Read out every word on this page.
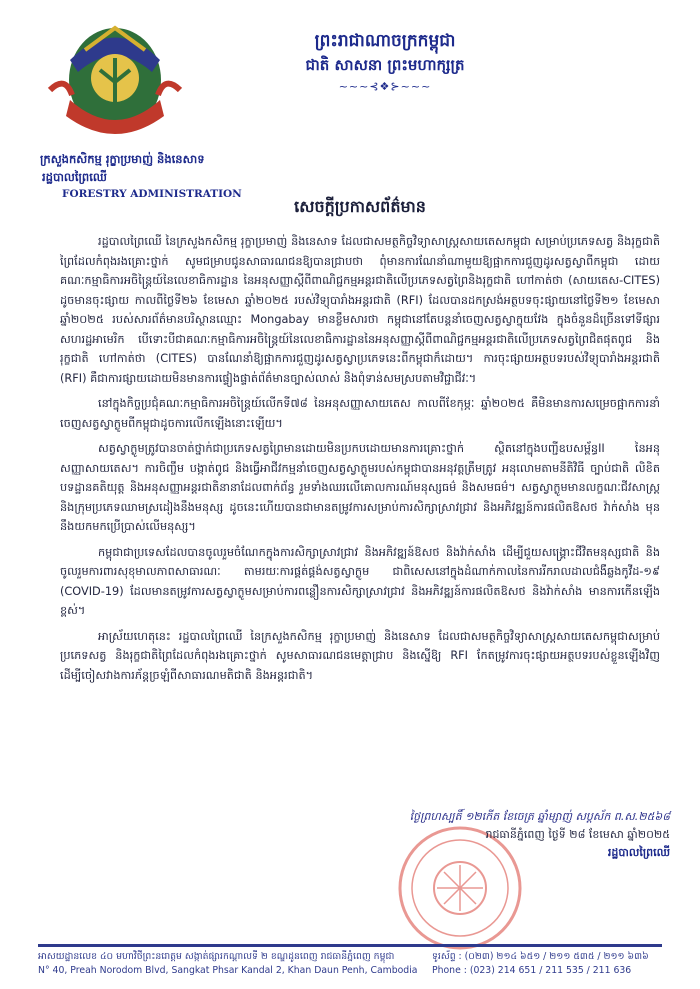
ព្រះរាជាណាចក្រកម្ពុជា
ជាតិ សាសនា ព្រះមហាក្សត្រ
~~~⊰❖⊱~~~
ក្រសួងកសិកម្ម រុក្ខាប្រមាញ់ និងនេសាទ
រដ្ឋបាលព្រៃឈើ
FORESTRY ADMINISTRATION
សេចក្តីប្រកាសព័ត៌មាន

រដ្ឋបាលព្រៃឈើ នៃក្រសួងកសិកម្ម រុក្ខាប្រមាញ់ និងនេសាទ ដែលជាសមត្ថកិច្ចវិទ្យាសាស្ត្រសាយតេសកម្ពុជា សម្រាប់ប្រភេទសត្វ និងរុក្ខជាតិព្រៃដែលកំពុងរងគ្រោះថ្នាក់ សូមជម្រាបជូនសាធារណជនឱ្យបានជ្រាបថា ពុំមានការណែនាំណាមួយឱ្យផ្អាកការជួញដូរសត្វស្វាពីកម្ពុជា ដោយគណៈកម្មាធិការអចិន្ត្រៃយ៍នៃលេខាធិការដ្ឋាន នៃអនុសញ្ញាស្តីពីពាណិជ្ជកម្មអន្តរជាតិលើប្រភេទសត្វព្រៃនិងរុក្ខជាតិ ហៅកាត់ថា (សាយតេស-CITES) ដូចមានចុះផ្សាយ កាលពីថ្ងៃទី២៦ ខែមេសា ឆ្នាំ២០២៥ របស់វិទ្យុបារាំងអន្តរជាតិ (RFI) ដែលបានដកស្រង់អត្ថបទចុះផ្សាយនៅថ្ងៃទី២១ ខែមេសា ឆ្នាំ២០២៥ របស់សារព័ត៌មានបរិស្ថានឈ្មោះ Mongabay មានខ្លឹមសារថា កម្ពុជានៅតែបន្តនាំចេញសត្វស្វាក្នុយវែង ក្នុងចំនួនដ៏ច្រើនទៅទីផ្សារសហរដ្ឋអាមេរិក បើទោះបីជាគណៈកម្មាធិការអចិន្ត្រៃយ៍នៃលេខាធិការដ្ឋាននៃអនុសញ្ញាស្តីពីពាណិជ្ជកម្មអន្តរជាតិលើប្រភេទសត្វព្រៃជិតផុតពូជ និងរុក្ខជាតិ ហៅកាត់ថា (CITES) បានណែនាំឱ្យផ្អាកការជួញដូរសត្វស្វាប្រភេទនេះពីកម្ពុជាក៏ដោយ។ ការចុះផ្សាយអត្ថបទរបស់វិទ្យុបារាំងអន្តរជាតិ (RFI) គឺជាការផ្សាយដោយមិនមានការផ្ទៀងផ្ទាត់ព័ត៌មានច្បាស់លាស់ និងពុំទាន់សមស្របតាមវិជ្ជាជីវៈ។

នៅក្នុងកិច្ចប្រជុំគណៈកម្មាធិការអចិន្ត្រៃយ៍លើកទី៧៨ នៃអនុសញ្ញាសាយតេស កាលពីខែកុម្ភៈ ឆ្នាំ២០២៥ គឺមិនមានការសម្រេចផ្អាកការនាំចេញសត្វស្វាក្ងូមពីកម្ពុជាដូចការលើកឡើងនោះឡើយ។

សត្វស្វាក្ងូមត្រូវបានចាត់ថ្នាក់ជាប្រភេទសត្វព្រៃមានដោយមិនប្រកបដោយមានការគ្រោះថ្នាក់ ស្ថិតនៅក្នុងបញ្ជីឧបសម្ព័ន្ធII នៃអនុសញ្ញាសាយតេស។ ការចិញ្ចឹម បង្កាត់ពូជ និងធ្វើអាជីវកម្មនាំចេញសត្វស្វាក្ងូមរបស់កម្ពុជាបានអនុវត្តត្រឹមត្រូវ អនុលោមតាមនីតិវិធី ច្បាប់ជាតិ លិខិតបទដ្ឋានគតិយុត្ត និងអនុសញ្ញាអន្តរជាតិនានាដែលពាក់ព័ន្ធ រួមទាំងឈរលើគោលការណ៍មនុស្សធម៌ និងសមធម៌។ សត្វស្វាក្ងូមមានលក្ខណៈជីវសាស្ត្រ និងក្រុមប្រភេទឈាមស្រដៀងនឹងមនុស្ស ដូចនេះហើយបានជាមានតម្រូវការសម្រាប់ការសិក្សាស្រាវជ្រាវ និងអភិវឌ្ឍន៍ការផលិតឱសថ វ៉ាក់សាំង មុននឹងយកមកប្រើប្រាស់លើមនុស្ស។

កម្ពុជាជាប្រទេសដែលបានចូលរួមចំណែកក្នុងការសិក្សាស្រាវជ្រាវ និងអភិវឌ្ឍន៍ឱសថ និងវ៉ាក់សាំង ដើម្បីជួយសង្គ្រោះជីវិតមនុស្សជាតិ និងចូលរួមការពារសុខុមាលភាពសាធារណៈ តាមរយៈការផ្គត់ផ្គង់សត្វស្វាក្ងូម ជាពិសេសនៅក្នុងដំណាក់កាលនៃការរីករាលដាលជំងឺឆ្លងកូវីដ-១៩ (COVID-19) ដែលមានតម្រូវការសត្វស្វាក្ងូមសម្រាប់ការពន្លឿនការសិក្សាស្រាវជ្រាវ និងអភិវឌ្ឍន៍ការផលិតឱសថ និងវ៉ាក់សាំង មានការកើនឡើងខ្ពស់។

អាស្រ័យហេតុនេះ រដ្ឋបាលព្រៃឈើ នៃក្រសួងកសិកម្ម រុក្ខាប្រមាញ់ និងនេសាទ ដែលជាសមត្ថកិច្ចវិទ្យាសាស្ត្រសាយតេសកម្ពុជាសម្រាប់ប្រភេទសត្វ និងរុក្ខជាតិព្រៃដែលកំពុងរងគ្រោះថ្នាក់ សូមសាធារណជនមេត្តាជ្រាប និងស្នើឱ្យ RFI កែតម្រូវការចុះផ្សាយអត្ថបទរបស់ខ្លួនឡើងវិញ ដើម្បីចៀសវាងការភ័ន្តច្រឡំពីសាធារណមតិជាតិ និងអន្តរជាតិ។

ថ្ងៃព្រហស្បតិ៍ ១២កើត ខែចេត្រ ឆ្នាំម្សាញ់ សប្តស័ក ព.ស.២៥៦៨
រាជធានីភ្នំពេញ ថ្ងៃទី ២៨ ខែមេសា ឆ្នាំ២០២៥
រដ្ឋបាលព្រៃឈើ
អាសយដ្ឋានលេខ ៤០ មហាវិថីព្រះនរោត្តម សង្កាត់ផ្សារកណ្តាលទី ២ ខណ្ឌដូនពេញ រាជធានីភ្នំពេញ កម្ពុជា
N° 40, Preah Norodom Blvd, Sangkat Phsar Kandal 2, Khan Daun Penh, Cambodia
ទូរស័ព្ទ : (០២៣) ២១៤ ៦៥១ / ២១១ ៥៣៥ / ២១១ ៦៣៦
Phone : (023) 214 651 / 211 535 / 211 636
